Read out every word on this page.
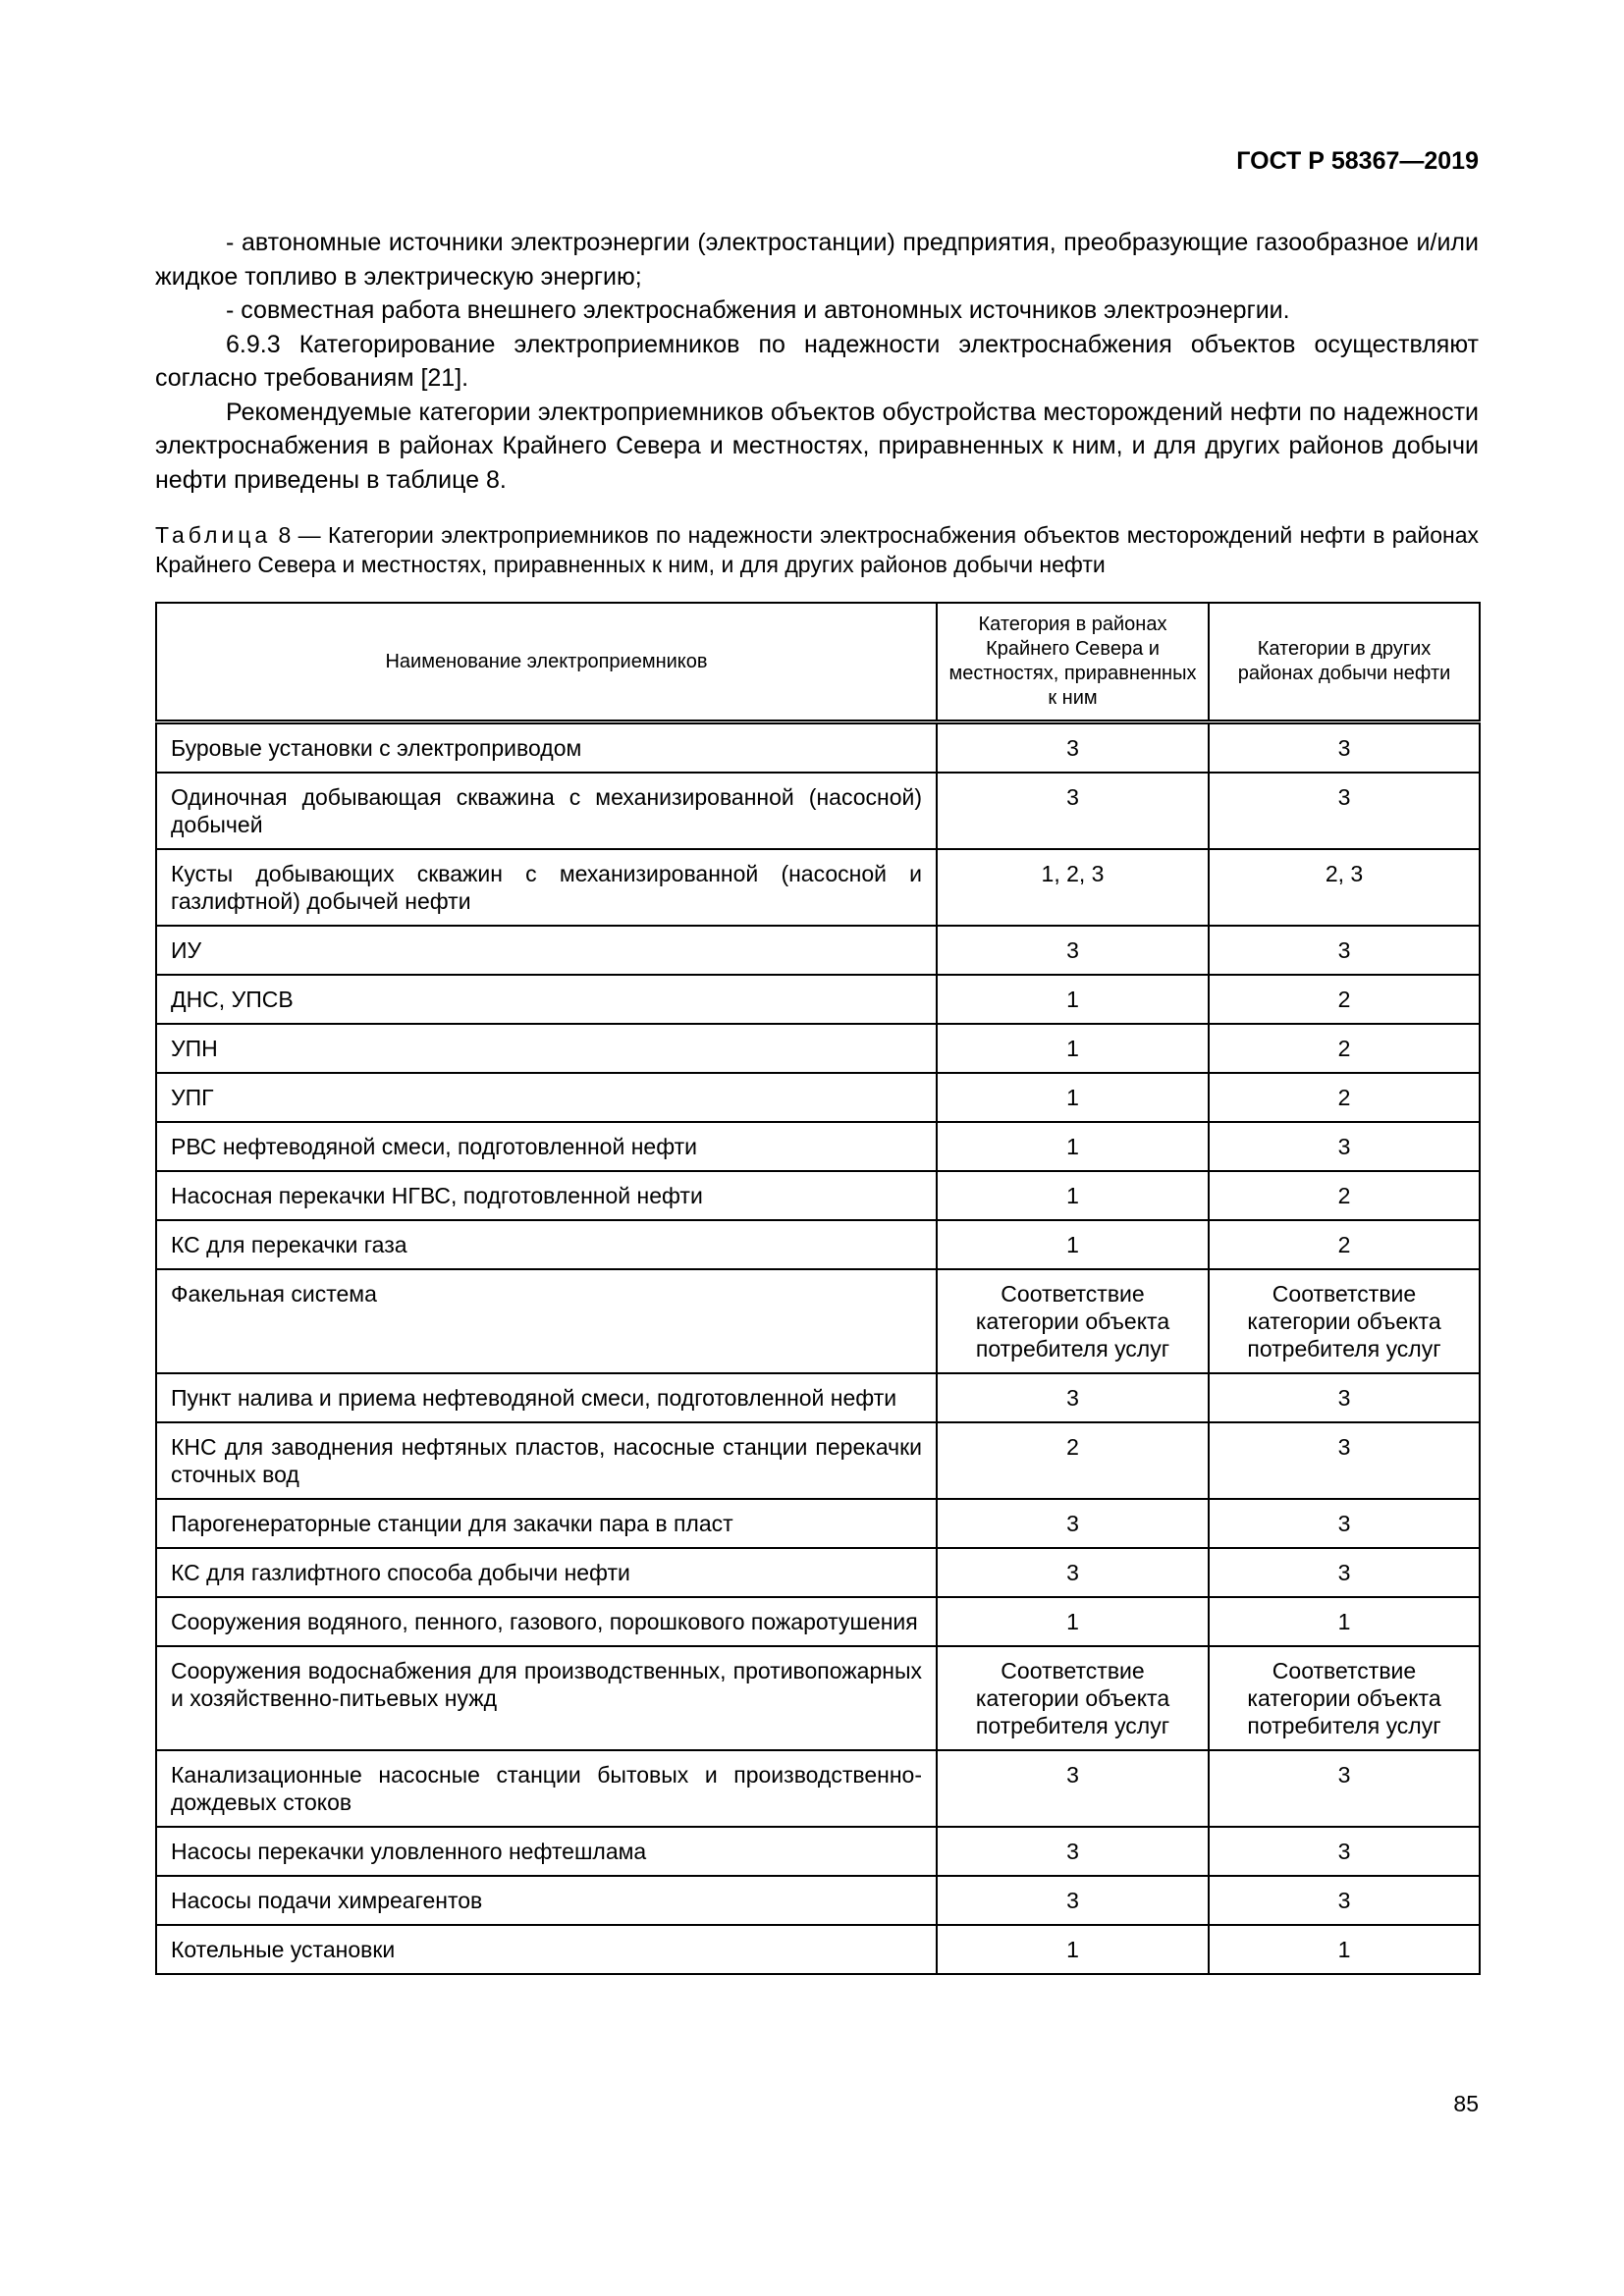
ГОСТ Р 58367—2019

- автономные источники электроэнергии (электростанции) предприятия, преобразующие газообразное и/или жидкое топливо в электрическую энергию;

- совместная работа внешнего электроснабжения и автономных источников электроэнергии.

6.9.3 Категорирование электроприемников по надежности электроснабжения объектов осуществляют согласно требованиям [21].

Рекомендуемые категории электроприемников объектов обустройства месторождений нефти по надежности электроснабжения в районах Крайнего Севера и местностях, приравненных к ним, и для других районов добычи нефти приведены в таблице 8.

Таблица 8 — Категории электроприемников по надежности электроснабжения объектов месторождений нефти в районах Крайнего Севера и местностях, приравненных к ним, и для других районов добычи нефти
Наименование электроприемников	Категория в районах Крайнего Севера и местностях, приравненных к ним	Категории в других районах добычи нефти
Буровые установки с электроприводом	3	3
Одиночная добывающая скважина с механизированной (насосной) добычей	3	3
Кусты добывающих скважин с механизированной (насосной и газлифтной) добычей нефти	1, 2, 3	2, 3
ИУ	3	3
ДНС, УПСВ	1	2
УПН	1	2
УПГ	1	2
РВС нефтеводяной смеси, подготовленной нефти	1	3
Насосная перекачки НГВС, подготовленной нефти	1	2
КС для перекачки газа	1	2
Факельная система	Соответствие категории объекта потребителя услуг	Соответствие категории объекта потребителя услуг
Пункт налива и приема нефтеводяной смеси, подготовленной нефти	3	3
КНС для заводнения нефтяных пластов, насосные станции перекачки сточных вод	2	3
Парогенераторные станции для закачки пара в пласт	3	3
КС для газлифтного способа добычи нефти	3	3
Сооружения водяного, пенного, газового, порошкового пожаротушения	1	1
Сооружения водоснабжения для производственных, противопожарных и хозяйственно-питьевых нужд	Соответствие категории объекта потребителя услуг	Соответствие категории объекта потребителя услуг
Канализационные насосные станции бытовых и производственно-дождевых стоков	3	3
Насосы перекачки уловленного нефтешлама	3	3
Насосы подачи химреагентов	3	3
Котельные установки	1	1
85
